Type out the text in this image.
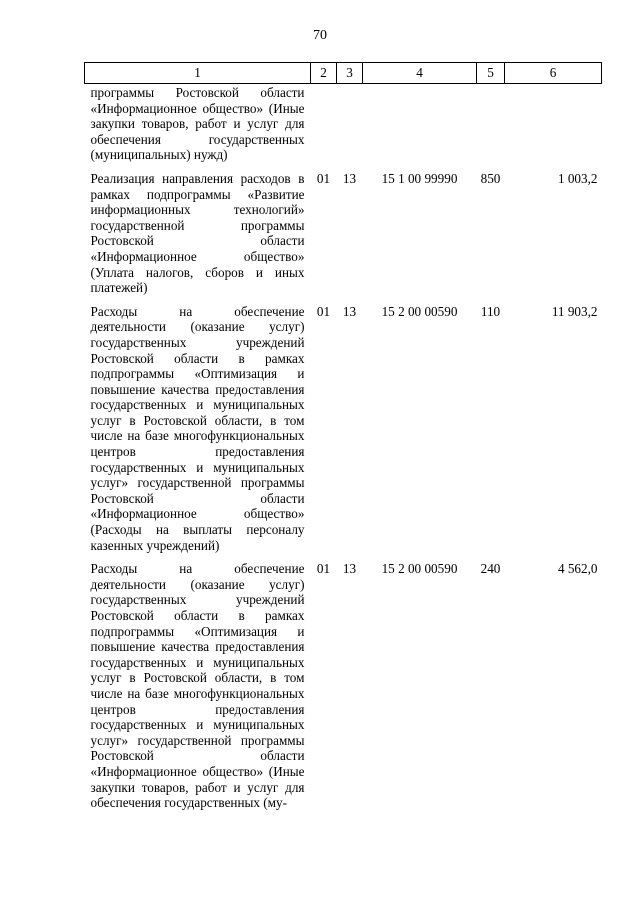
70
1	2	3	4	5	6
программы Ростовской области «Информационное общество» (Иные закупки товаров, работ и услуг для обеспечения государственных (муниципальных) нужд)					
Реализация направления расходов в рамках подпрограммы «Развитие информационных технологий» государственной программы Ростовской области «Информационное общество» (Уплата налогов, сборов и иных платежей)	01	13	15 1 00 99990	850	1 003,2
Расходы на обеспечение деятельности (оказание услуг) государственных учреждений Ростовской области в рамках подпрограммы «Оптимизация и повышение качества предоставления государственных и муниципальных услуг в Ростовской области, в том числе на базе многофункциональных центров предоставления государственных и муниципальных услуг» государственной программы Ростовской области «Информационное общество» (Расходы на выплаты персоналу казенных учреждений)	01	13	15 2 00 00590	110	11 903,2
Расходы на обеспечение деятельности (оказание услуг) государственных учреждений Ростовской области в рамках подпрограммы «Оптимизация и повышение качества предоставления государственных и муниципальных услуг в Ростовской области, в том числе на базе многофункциональных центров предоставления государственных и муниципальных услуг» государственной программы Ростовской области «Информационное общество» (Иные закупки товаров, работ и услуг для обеспечения государственных (му-	01	13	15 2 00 00590	240	4 562,0
